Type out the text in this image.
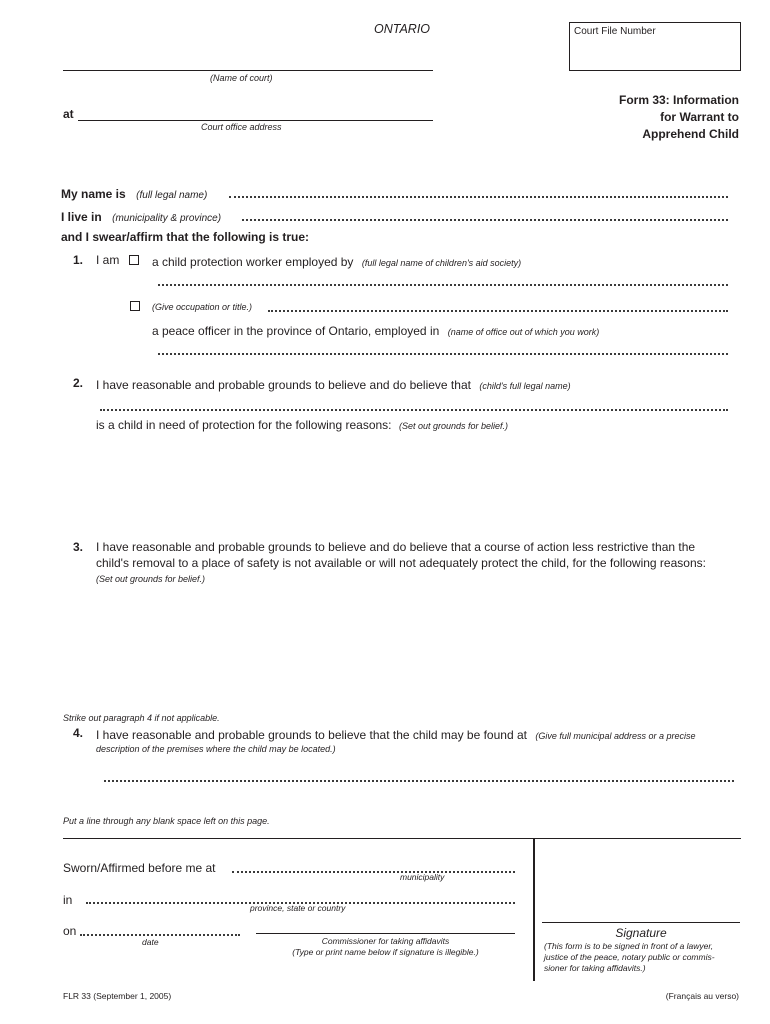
ONTARIO	Court File Number
(Name of court)
at
Court office address
Form 33: Information
for Warrant to
Apprehend Child
My name is (full legal name)
I live in (municipality & province)
and I swear/affirm that the following is true:
1. I am	a child protection worker employed by (full legal name of children's aid society)
(Give occupation or title.)
a peace officer in the province of Ontario, employed in (name of office out of which you work)
2. I have reasonable and probable grounds to believe and do believe that (child's full legal name)
is a child in need of protection for the following reasons: (Set out grounds for belief.)
3. I have reasonable and probable grounds to believe and do believe that a course of action less restrictive than the
child's removal to a place of safety is not available or will not adequately protect the child, for the following reasons:
(Set out grounds for belief.)
Strike out paragraph 4 if not applicable.
4. I have reasonable and probable grounds to believe that the child may be found at (Give full municipal address or a precise
description of the premises where the child may be located.)
Put a line through any blank space left on this page.
Sworn/Affirmed before me at
municipality
in
province, state or country
on
date	Commissioner for taking affidavits
(Type or print name below if signature is illegible.)
Signature
(This form is to be signed in front of a lawyer,
justice of the peace, notary public or commis-
sioner for taking affidavits.)
FLR 33 (September 1, 2005)	(Français au verso)
